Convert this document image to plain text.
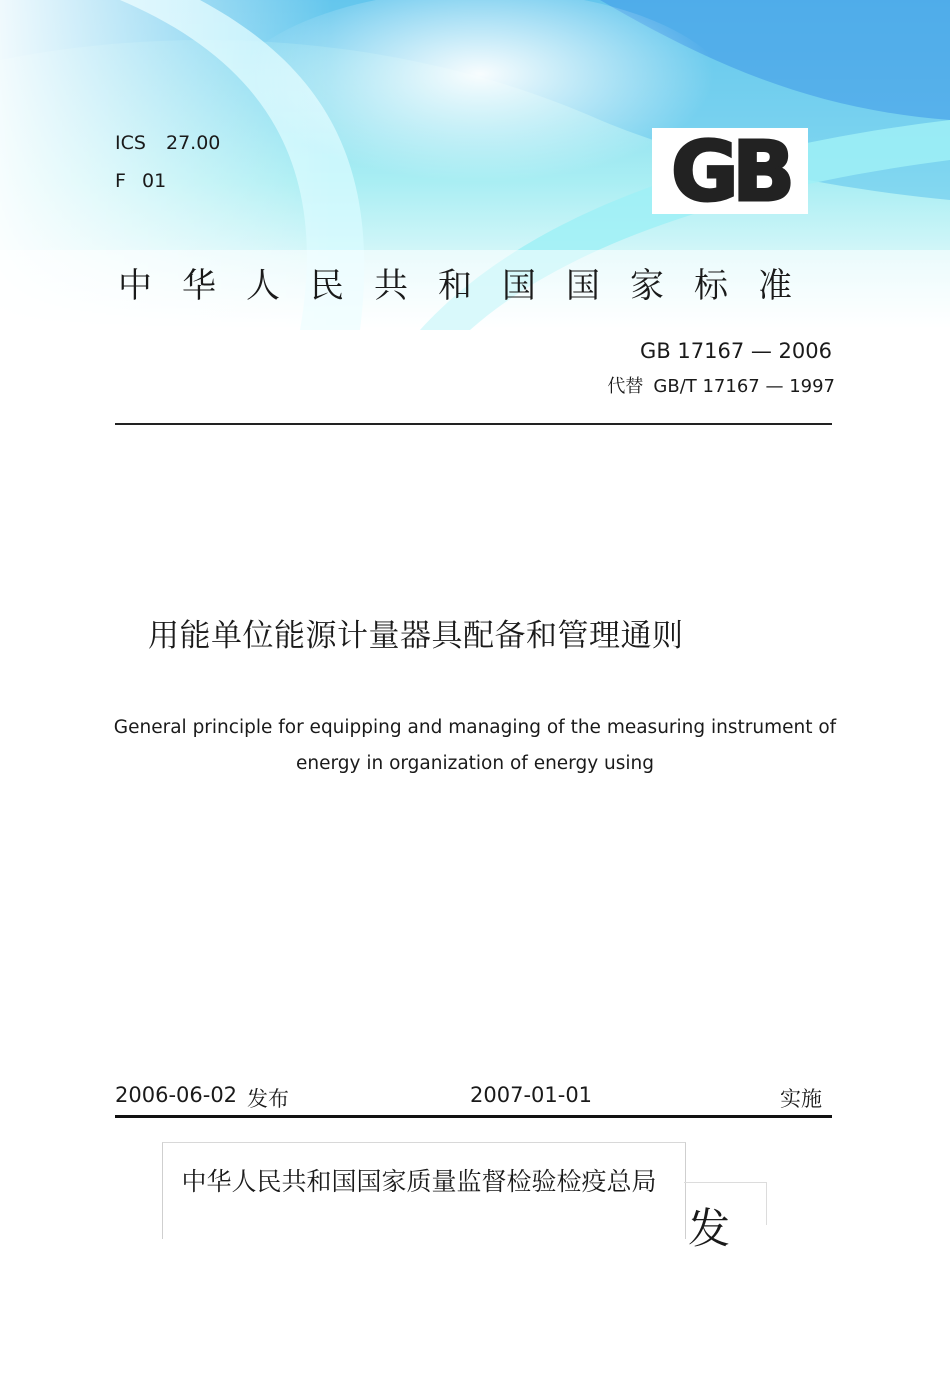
ICS 27.00
F 01	GB
中华人民共和国国家标准
GB 17167 — 2006
代替 GB/T 17167 — 1997
用能单位能源计量器具配备和管理通则
General principle for equipping and managing of the measuring instrument of energy in organization of energy using
2006-06-02 发布	2007-01-01	实施
中华人民共和国国家质量监督检验检疫总局
发
